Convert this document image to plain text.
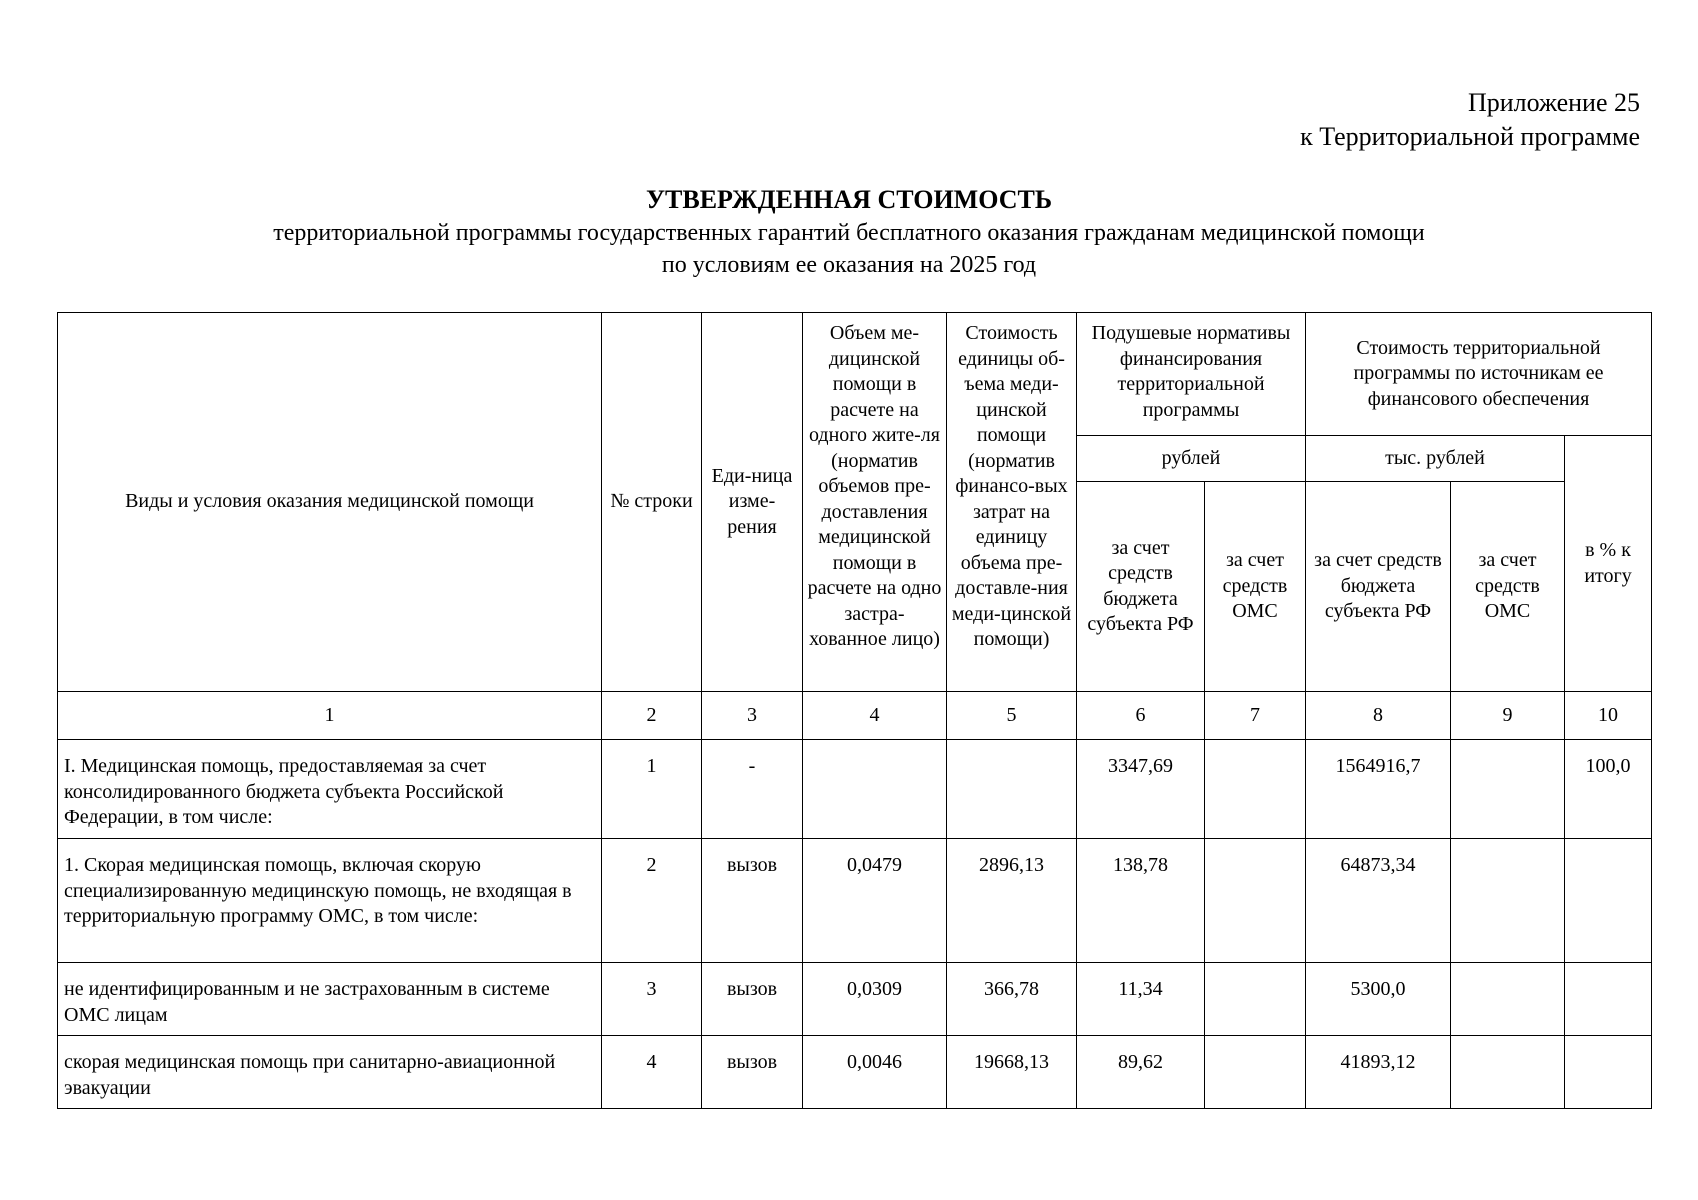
Приложение 25
к Территориальной программе
УТВЕРЖДЕННАЯ СТОИМОСТЬ
территориальной программы государственных гарантий бесплатного оказания гражданам медицинской помощи
по условиям ее оказания на 2025 год
Виды и условия оказания медицинской помощи	№ строки	Еди-ница изме-рения	Объем ме-дицинской помощи в расчете на одного жите-ля (норматив объемов пре-доставления медицинской помощи в расчете на одно застра-хованное лицо)	Стоимость единицы об-ъема меди-цинской помощи (норматив финансо-вых затрат на единицу объема пре-доставле-ния меди-цинской помощи)	Подушевые нормативы финансирования территориальной программы		Стоимость территориальной программы по источникам ее финансового обеспечения		
					рублей		тыс. рублей		в % к итогу
					за счет средств бюджета субъекта РФ	за счет средств ОМС	за счет средств бюджета субъекта РФ	за счет средств ОМС	
1	2	3	4	5	6	7	8	9	10
I. Медицинская помощь, предоставляемая за счет консолидированного бюджета субъекта Российской Федерации, в том числе:	1	-			3347,69		1564916,7		100,0
1. Скорая медицинская помощь, включая скорую специализированную медицинскую помощь, не входящая в территориальную программу ОМС, в том числе:	2	вызов	0,0479	2896,13	138,78		64873,34		
не идентифицированным и не застрахованным в системе ОМС лицам	3	вызов	0,0309	366,78	11,34		5300,0		
скорая медицинская помощь при санитарно-авиационной эвакуации	4	вызов	0,0046	19668,13	89,62		41893,12		
